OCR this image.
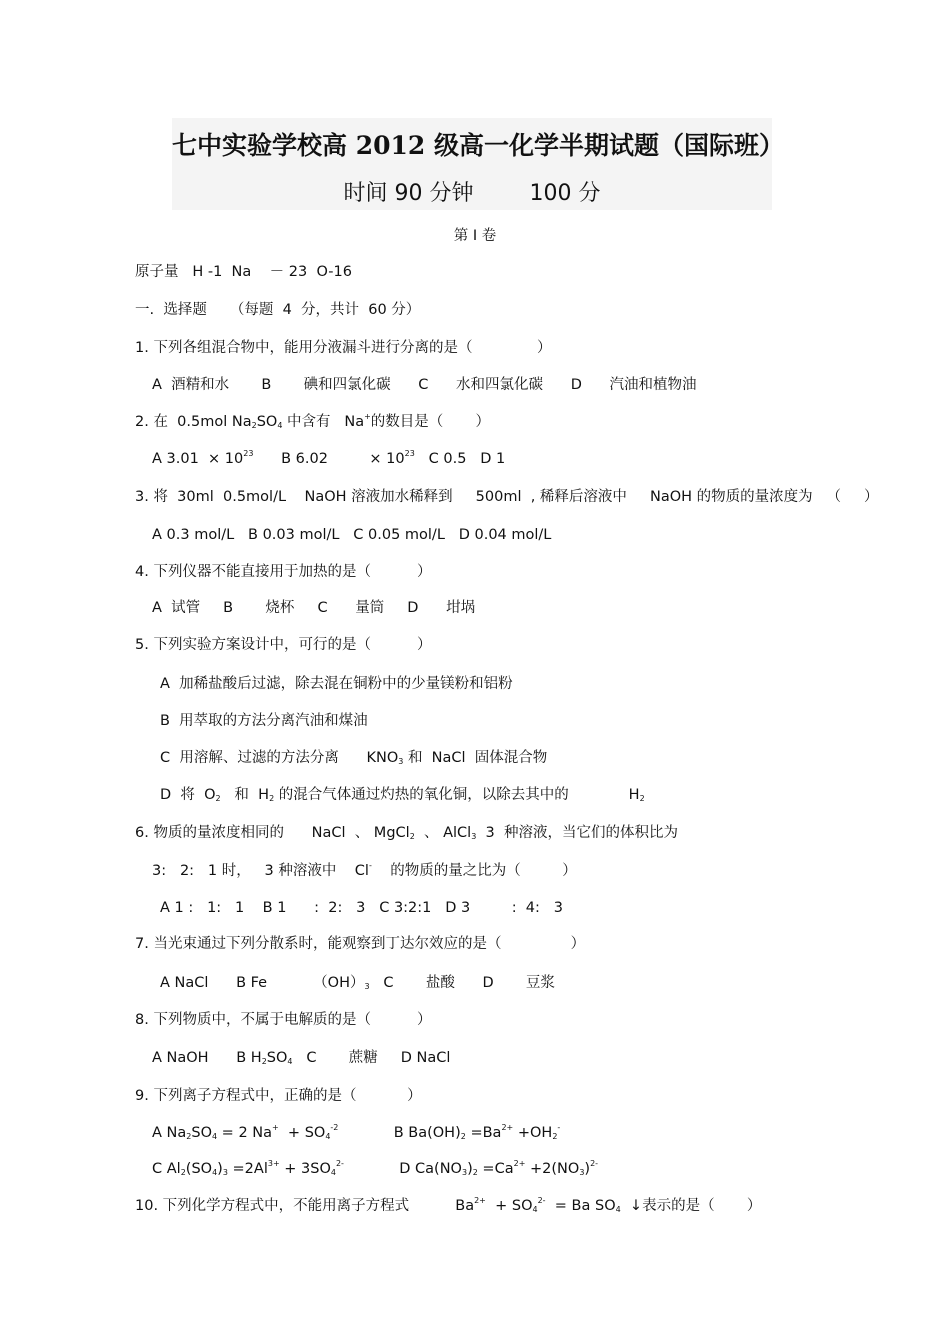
七中实验学校高 2012 级高一化学半期试题（国际班）
时间 90 分钟        100 分
第 I 卷
原子量   H -1  Na    － 23  O-16
一.  选择题     （每题  4  分，共计  60 分）
1. 下列各组混合物中，能用分液漏斗进行分离的是（              ）
A  酒精和水       B       碘和四氯化碳      C      水和四氯化碳      D      汽油和植物油
2. 在  0.5mol $Na_2SO_4$ 中含有   Na+的数目是（       ）
A $3.01 \times 10^{23}$      B 6.02         × $10^{23}$   C 0.5   D 1
3. 将  30ml  0.5mol/L    NaOH 溶液加水稀释到     500ml  , 稀释后溶液中     NaOH 的物质的量浓度为   （     ）
A 0.3 mol/L   B 0.03 mol/L   C 0.05 mol/L   D 0.04 mol/L
4. 下列仪器不能直接用于加热的是（          ）
A  试管     B       烧杯     C      量筒     D      坩埚
5. 下列实验方案设计中，可行的是（          ）
A  加稀盐酸后过滤，除去混在铜粉中的少量镁粉和铝粉
B  用萃取的方法分离汽油和煤油
C  用溶解、过滤的方法分离      $KNO_3$ 和  NaCl  固体混合物
D  将  $O_2$   和  $H_2$ 的混合气体通过灼热的氧化铜，以除去其中的             $H_2$
6. 物质的量浓度相同的      NaCl  、 MgCl$_2$  、 AlCl$_3$  3  种溶液，当它们的体积比为
3:   2:   1 时，   3 种溶液中    Cl-    的物质的量之比为（         ）
A 1 :   1:   1    B 1      :  2:   3   C 3:2:1   D 3         :  4:   3
7. 当光束通过下列分散系时，能观察到丁达尔效应的是（               ）
A NaCl      B Fe          $(OH)_3$   C       盐酸      D       豆浆
8. 下列物质中，不属于电解质的是（          ）
A NaOH      B $H_2SO_4$   C       蔗糖     D NaCl
9. 下列离子方程式中，正确的是（           ）
A $Na_2SO_4 = 2$ $Na^+ + SO_4^{-2}$            B $Ba(OH)_2 =Ba^{2+} +OH_2^-$
C $Al_2(SO_4)_3 =2Al^{3+} + 3SO_4^{2-}$            D $Ca(NO_3)_2 =Ca^{2+} +2(NO_3)^{2-}$
10. 下列化学方程式中，不能用离子方程式          $Ba^{2+} + SO_4^{2-} = Ba$ $SO_4$  ↓表示的是（       ）
